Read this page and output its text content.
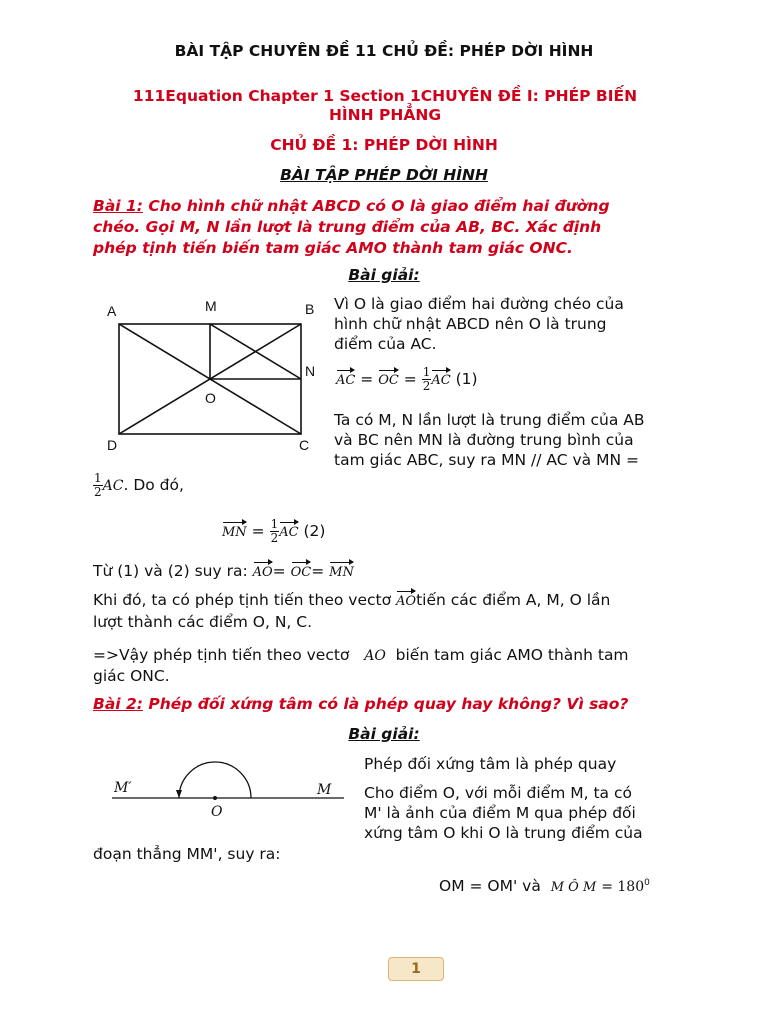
BÀI TẬP CHUYÊN ĐỀ 11 CHỦ ĐỀ: PHÉP DỜI HÌNH
111Equation Chapter 1 Section 1CHUYÊN ĐỀ I: PHÉP BIẾN
HÌNH PHẲNG
CHỦ ĐỀ 1: PHÉP DỜI HÌNH
BÀI TẬP PHÉP DỜI HÌNH
Bài 1: Cho hình chữ nhật ABCD có O là giao điểm hai đường
chéo. Gọi M, N lần lượt là trung điểm của AB, BC. Xác định
phép tịnh tiến biến tam giác AMO thành tam giác ONC.
Bài giải:
A	M	B
N
O
D	C
Vì O là giao điểm hai đường chéo của
hình chữ nhật ABCD nên O là trung
điểm của AC.
AC = OC = $\frac{1}{2}$ AC (1)
Ta có M, N lần lượt là trung điểm của AB
và BC nên MN là đường trung bình của
tam giác ABC, suy ra MN // AC và MN =
$\frac{1}{2}$ AC. Do đó,
MN = $\frac{1}{2}$ AC (2)
Từ (1) và (2) suy ra: AO= OC= MN
Khi đó, ta có phép tịnh tiến theo vectơ AOtiến các điểm A, M, O lần
lượt thành các điểm O, N, C.
=>Vậy phép tịnh tiến theo vectơ AO biến tam giác AMO thành tam
giác ONC.
Bài 2: Phép đối xứng tâm có là phép quay hay không? Vì sao?
Bài giải:
M′
O
M
Phép đối xứng tâm là phép quay
Cho điểm O, với mỗi điểm M, ta có
M' là ảnh của điểm M qua phép đối
xứng tâm O khi O là trung điểm của
đoạn thẳng MM', suy ra:
OM = OM' và M Ô $M = 180^0$
1
